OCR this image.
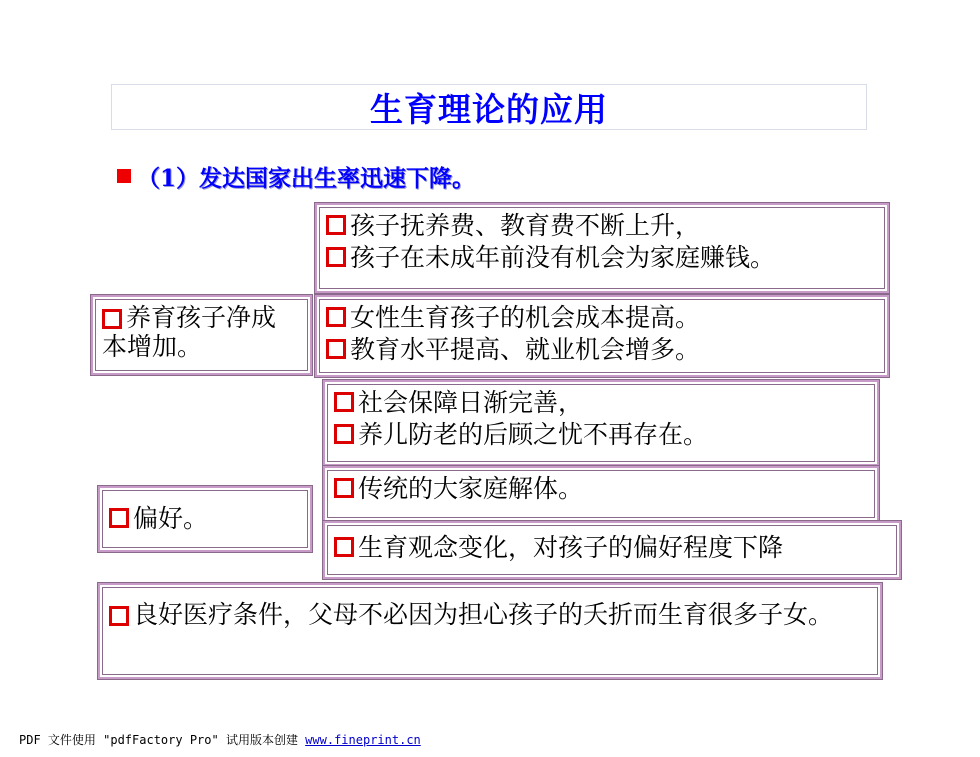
生育理论的应用
（1）发达国家出生率迅速下降。
孩子抚养费、教育费不断上升，
孩子在未成年前没有机会为家庭赚钱。
养育孩子净成本增加。
女性生育孩子的机会成本提高。
教育水平提高、就业机会增多。
社会保障日渐完善，
养儿防老的后顾之忧不再存在。
传统的大家庭解体。
偏好。
生育观念变化，对孩子的偏好程度下降
良好医疗条件，父母不必因为担心孩子的夭折而生育很多子女。
PDF 文件使用 "pdfFactory Pro" 试用版本创建 www.fineprint.cn
